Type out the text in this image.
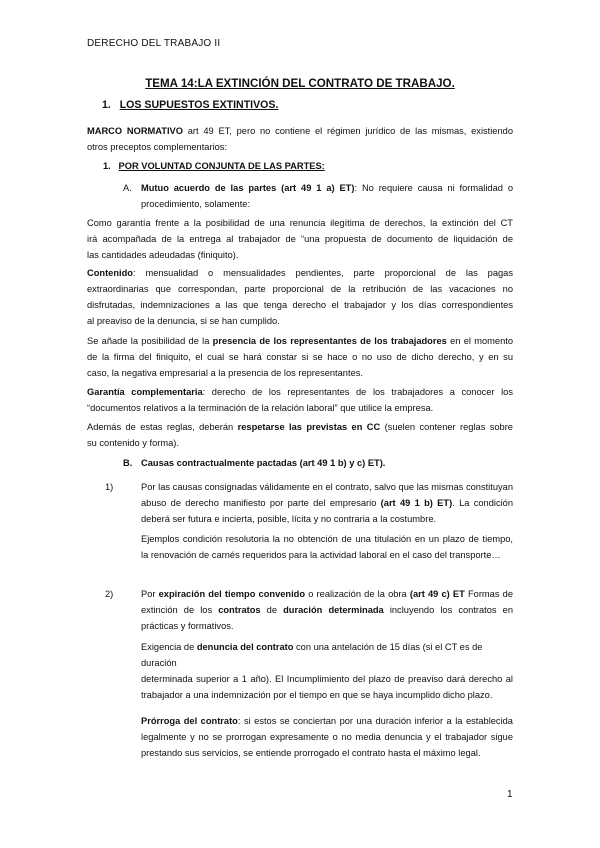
DERECHO DEL TRABAJO II
TEMA 14:LA EXTINCIÓN DEL CONTRATO DE TRABAJO.
1. LOS SUPUESTOS EXTINTIVOS.
MARCO NORMATIVO art 49 ET, pero no contiene el régimen jurídico de las mismas, existiendo
otros preceptos complementarios:
1. POR VOLUNTAD CONJUNTA DE LAS PARTES:
A. Mutuo acuerdo de las partes (art 49 1 a) ET): No requiere causa ni formalidad o
procedimiento, solamente:
Como garantía frente a la posibilidad de una renuncia ilegítima de derechos, la extinción del CT
irá acompañada de la entrega al trabajador de “una propuesta de documento de liquidación de
las cantidades adeudadas (finiquito).
Contenido: mensualidad o mensualidades pendientes, parte proporcional de las pagas
extraordinarias que correspondan, parte proporcional de la retribución de las vacaciones no
disfrutadas, indemnizaciones a las que tenga derecho el trabajador y los días correspondientes
al preaviso de la denuncia, si se han cumplido.
Se añade la posibilidad de la presencia de los representantes de los trabajadores en el momento
de la firma del finiquito, el cual se hará constar si se hace o no uso de dicho derecho, y en su
caso, la negativa empresarial a la presencia de los representantes.
Garantía complementaria: derecho de los representantes de los trabajadores a conocer los
“documentos relativos a la terminación de la relación laboral” que utilice la empresa.
Además de estas reglas, deberán respetarse las previstas en CC (suelen contener reglas sobre
su contenido y forma).
B. Causas contractualmente pactadas (art 49 1 b) y c) ET).
1)	Por las causas consignadas válidamente en el contrato, salvo que las mismas constituyan
abuso de derecho manifiesto por parte del empresario (art 49 1 b) ET). La condición
deberá ser futura e incierta, posible, lícita y no contraria a la costumbre.
Ejemplos condición resolutoria la no obtención de una titulación en un plazo de tiempo,
la renovación de carnés requeridos para la actividad laboral en el caso del transporte…
2)	Por expiración del tiempo convenido o realización de la obra (art 49 c) ET Formas de
extinción de los contratos de duración determinada incluyendo los contratos en
prácticas y formativos.
Exigencia de denuncia del contrato con una antelación de 15 días (si el CT es de duración
determinada superior a 1 año). El Incumplimiento del plazo de preaviso dará derecho al
trabajador a una indemnización por el tiempo en que se haya incumplido dicho plazo.
Prórroga del contrato: si estos se conciertan por una duración inferior a la establecida
legalmente y no se prorrogan expresamente o no media denuncia y el trabajador sigue
prestando sus servicios, se entiende prorrogado el contrato hasta el máximo legal.
1
